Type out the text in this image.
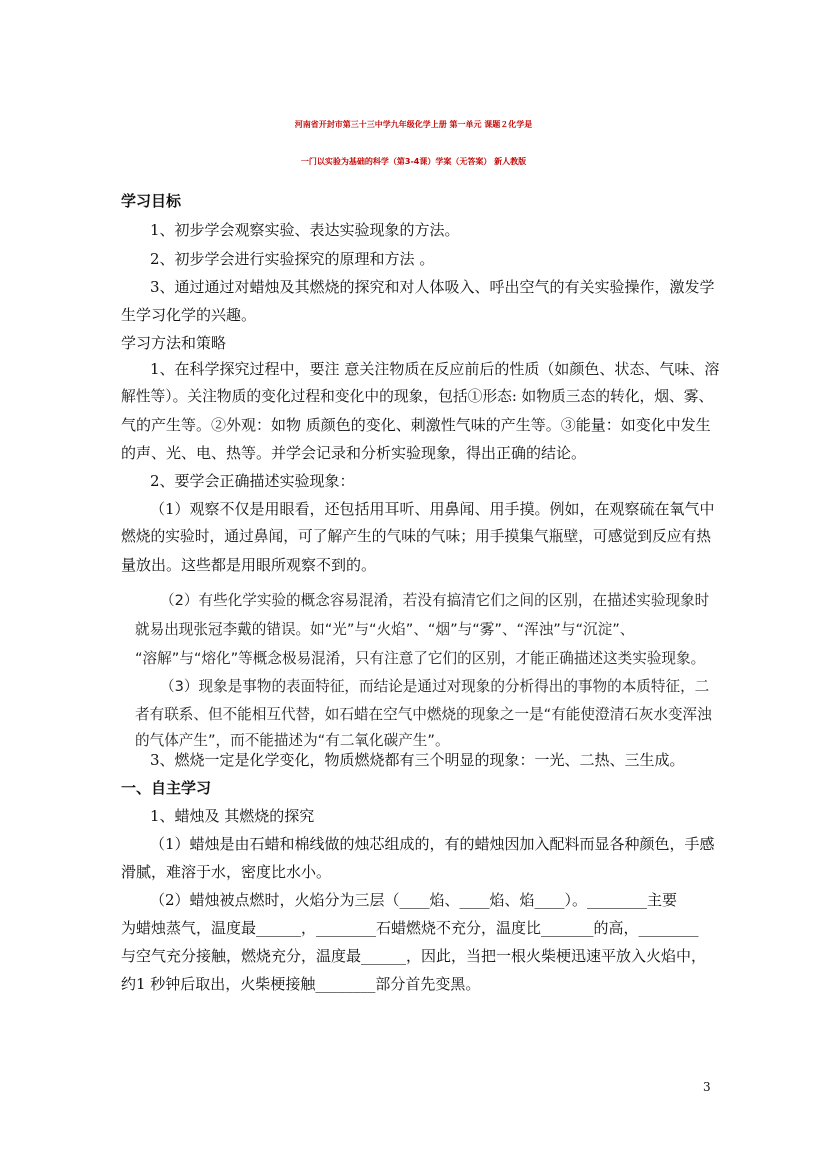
河南省开封市第三十三中学九年级化学上册 第一单元 课题２化学是
一门以实验为基础的科学（第3-4课）学案（无答案） 新人教版
学习目标
1、初步学会观察实验、表达实验现象的方法。
2、初步学会进行实验探究的原理和方法 。
3、通过通过对蜡烛及其燃烧的探究和对人体吸入、呼出空气的有关实验操作，激发学
生学习化学的兴趣。
学习方法和策略
1、在科学探究过程中，要注 意关注物质在反应前后的性质（如颜色、状态、气味、溶
解性等）。关注物质的变化过程和变化中的现象，包括①形态: 如物质三态的转化，烟、雾、
气的产生等。②外观：如物 质颜色的变化、刺激性气味的产生等。③能量：如变化中发生
的声、光、电、热等。并学会记录和分析实验现象，得出正确的结论。
2、要学会正确描述实验现象：
（1）观察不仅是用眼看，还包括用耳听、用鼻闻、用手摸。例如，在观察硫在氧气中
燃烧的实验时，通过鼻闻，可了解产生的气味的气味；用手摸集气瓶壁，可感觉到反应有热
量放出。这些都是用眼所观察不到的。
（2）有些化学实验的概念容易混淆，若没有搞清它们之间的区别，在描述实验现象时
就易出现张冠李戴的错误。如“光”与“火焰”、“烟”与“雾”、“浑浊”与“沉淀”、
“溶解”与“熔化”等概念极易混淆，只有注意了它们的区别，才能正确描述这类实验现象。
（3）现象是事物的表面特征，而结论是通过对现象的分析得出的事物的本质特征，二
者有联系、但不能相互代替，如石蜡在空气中燃烧的现象之一是“有能使澄清石灰水变浑浊
的气体产生”，而不能描述为“有二氧化碳产生”。
3、燃烧一定是化学变化，物质燃烧都有三个明显的现象：一光、二热、三生成。
一、自主学习
1、蜡烛及 其燃烧的探究
（1）蜡烛是由石蜡和棉线做的烛芯组成的，有的蜡烛因加入配料而显各种颜色，手感
滑腻，难溶于水，密度比水小。
（2）蜡烛被点燃时，火焰分为三层（____焰、____焰、焰____）。________主要
为蜡烛蒸气，温度最______，________石蜡燃烧不充分，温度比_______的高，________
与空气充分接触，燃烧充分，温度最______，因此，当把一根火柴梗迅速平放入火焰中，
约1 秒钟后取出，火柴梗接触________部分首先变黑。
3
